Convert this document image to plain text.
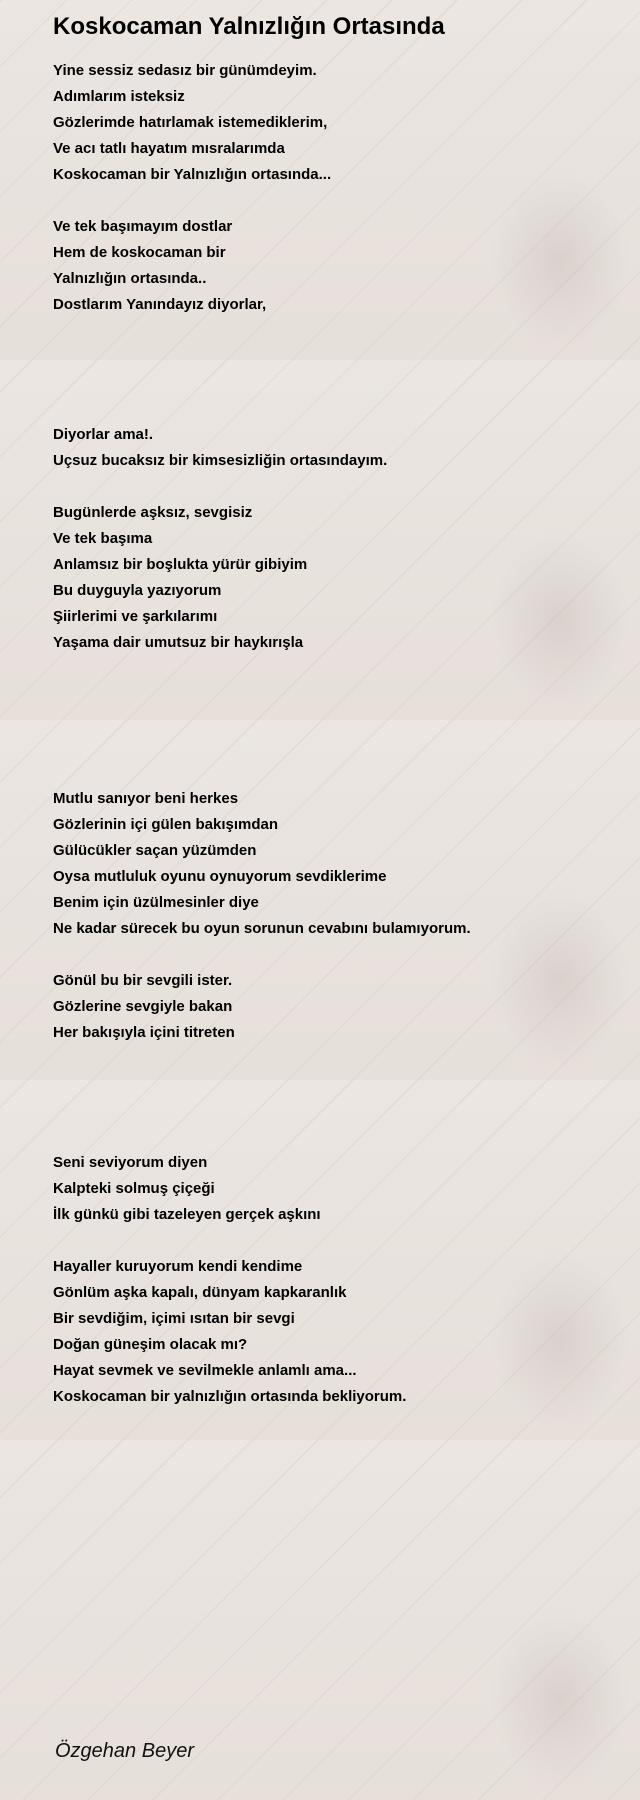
Koskocaman Yalnızlığın Ortasında
Yine sessiz sedasız bir günümdeyim.
Adımlarım isteksiz
Gözlerimde hatırlamak istemediklerim,
Ve acı tatlı hayatım mısralarımda
Koskocaman bir Yalnızlığın ortasında...
Ve tek başımayım dostlar
Hem de koskocaman bir
Yalnızlığın ortasında..
Dostlarım Yanındayız diyorlar,
Diyorlar ama!.
Uçsuz bucaksız bir kimsesizliğin ortasındayım.
Bugünlerde aşksız, sevgisiz
Ve tek başıma
Anlamsız bir boşlukta yürür gibiyim
Bu duyguyla yazıyorum
Şiirlerimi ve şarkılarımı
Yaşama dair umutsuz bir haykırışla
Mutlu sanıyor beni herkes
Gözlerinin içi gülen bakışımdan
Gülücükler saçan yüzümden
Oysa mutluluk oyunu oynuyorum sevdiklerime
Benim için üzülmesinler diye
Ne kadar sürecek bu oyun sorunun cevabını bulamıyorum.
Gönül bu bir sevgili ister.
Gözlerine sevgiyle bakan
Her bakışıyla içini titreten
Seni seviyorum diyen
Kalpteki solmuş çiçeği
İlk günkü gibi tazeleyen gerçek aşkını
Hayaller kuruyorum kendi kendime
Gönlüm aşka kapalı, dünyam kapkaranlık
Bir sevdiğim, içimi ısıtan bir sevgi
Doğan güneşim olacak mı?
Hayat sevmek ve sevilmekle anlamlı ama...
Koskocaman bir yalnızlığın ortasında bekliyorum.
Özgehan Beyer
